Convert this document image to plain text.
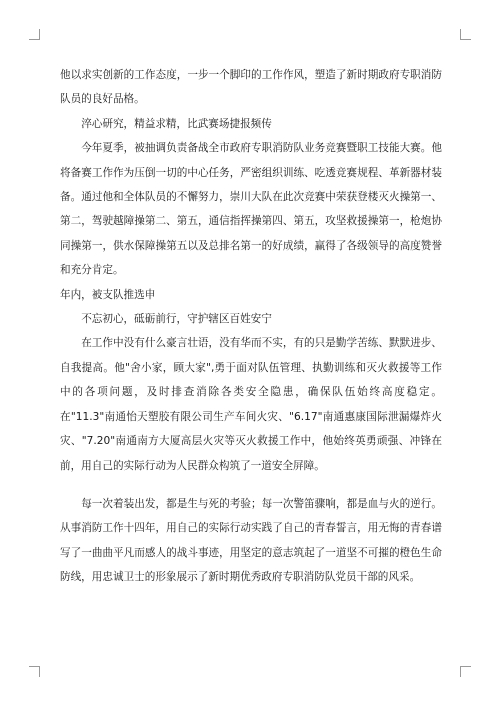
他以求实创新的工作态度，一步一个脚印的工作作风，塑造了新时期政府专职消防队员的良好品格。

淬心研究，精益求精，比武赛场捷报频传

今年夏季，被抽调负责备战全市政府专职消防队业务竞赛暨职工技能大赛。他将备赛工作作为压倒一切的中心任务，严密组织训练、吃透竞赛规程、革新器材装备。通过他和全体队员的不懈努力，崇川大队在此次竞赛中荣获登楼灭火操第一、第二，驾驶越障操第二、第五，通信指挥操第四、第五，攻坚救援操第一，枪炮协同操第一，供水保障操第五以及总排名第一的好成绩，赢得了各级领导的高度赞誉和充分肯定。

年内，被支队推选申

不忘初心，砥砺前行，守护辖区百姓安宁

在工作中没有什么豪言壮语，没有华而不实，有的只是勤学苦练、默默进步、自我提高。他"舍小家，顾大家",勇于面对队伍管理、执勤训练和灭火救援等工作中的各项问题，及时排查消除各类安全隐患，确保队伍始终高度稳定。在"11.3"南通怡天塑胶有限公司生产车间火灾、"6.17"南通惠康国际泄漏爆炸火灾、"7.20"南通南方大厦高层火灾等灭火救援工作中，他始终英勇顽强、冲锋在前，用自己的实际行动为人民群众构筑了一道安全屏障。

每一次着装出发，都是生与死的考验；每一次警笛骤响，都是血与火的逆行。从事消防工作十四年，用自己的实际行动实践了自己的青春誓言，用无悔的青春谱写了一曲曲平凡而感人的战斗事迹，用坚定的意志筑起了一道坚不可摧的橙色生命防线，用忠诚卫士的形象展示了新时期优秀政府专职消防队党员干部的风采。
